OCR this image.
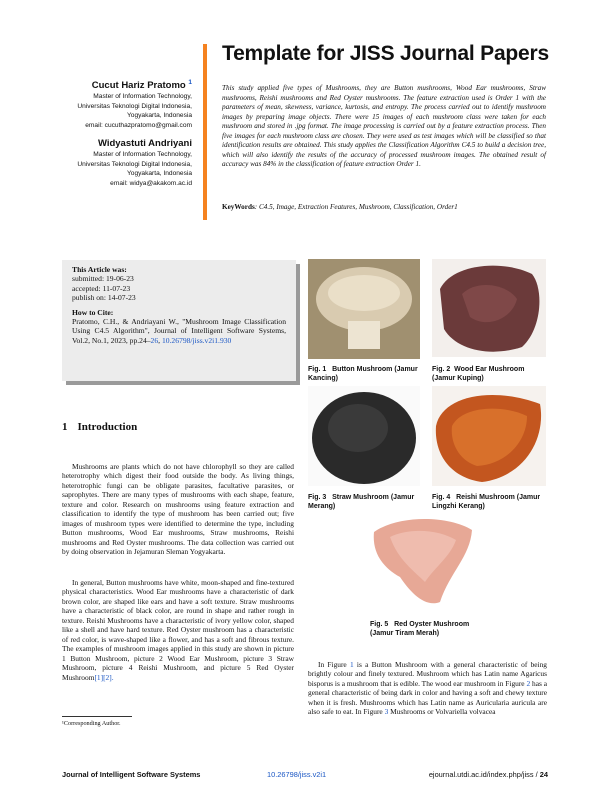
Template for JISS Journal Papers
Cucut Hariz Pratomo $^1$
Master of Information Technology,
Universitas Teknologi Digital Indonesia,
Yogyakarta, Indonesia
email: cucuthazpratomo@gmail.com
Widyastuti Andriyani
Master of Information Technology,
Universitas Teknologi Digital Indonesia,
Yogyakarta, Indonesia
email: widya@akakom.ac.id
This study applied five types of Mushrooms, they are Button mushrooms, Wood Ear mushrooms, Straw mushrooms, Reishi mushrooms and Red Oyster mushrooms. The feature extraction used is Order 1 with the parameters of mean, skewness, variance, kurtosis, and entropy. The process carried out to identify mushroom images by preparing image objects. There were 15 images of each mushroom class were taken for each mushroom and stored in .jpg format. The image processing is carried out by a feature extraction process. Then five images for each mushroom class are chosen. They were used as test images which will be classified so that identification results are obtained. This study applies the Classification Algorithm C4.5 to build a decision tree, which will also identify the results of the accuracy of processed mushroom images. The obtained result of accuracy was 84% in the classification of feature extraction Order 1.
KeyWords: C4.5, Image, Extraction Features, Mushroom, Classification, Order1
This Article was:
submitted: 19-06-23
accepted: 11-07-23
publish on: 14-07-23
How to Cite:
Pratomo, C.H., & Andriayani W., "Mushroom Image Classification Using C4.5 Algorithm", Journal of Intelligent Software Systems, Vol.2, No.1, 2023, pp.24–26, 10.26798/jiss.v2i1.930
1 Introduction
Mushrooms are plants which do not have chlorophyll so they are called heterotrophy which digest their food outside the body. As living things, heterotrophic fungi can be obligate parasites, facultative parasites, or saprophytes. There are many types of mushrooms with each shape, feature, texture and color. Research on mushrooms using feature extraction and classification to identify the type of mushroom has been carried out; five images of mushroom types were identified to determine the type, including Button mushrooms, Wood Ear mushrooms, Straw mushrooms, Reishi mushrooms and Red Oyster mushrooms. The data collection was carried out by doing observation in Jejamuran Sleman Yogyakarta.
In general, Button mushrooms have white, moon-shaped and fine-textured physical characteristics. Wood Ear mushrooms have a characteristic of dark brown color, are shaped like ears and have a soft texture. Straw mushrooms have a characteristic of black color, are round in shape and rather rough in texture. Reishi Mushrooms have a characteristic of ivory yellow color, shaped like a shell and have hard texture. Red Oyster mushroom has a characteristic of red color, is wave-shaped like a flower, and has a soft and fibrous texture. The examples of mushroom images applied in this study are shown in picture 1 Button Mushroom, picture 2 Wood Ear Mushroom, picture 3 Straw Mushroom, picture 4 Reishi Mushroom, and picture 5 Red Oyster Mushroom[1][2].
¹Corresponding Author.
Fig. 1 Button Mushroom (Jamur Kancing)
Fig. 2 Wood Ear Mushroom (Jamur Kuping)
Fig. 3 Straw Mushroom (Jamur Merang)
Fig. 4 Reishi Mushroom (Jamur Lingzhi Kerang)
Fig. 5 Red Oyster Mushroom (Jamur Tiram Merah)
In Figure 1 is a Button Mushroom with a general characteristic of being brightly colour and finely textured. Mushroom which has Latin name Agaricus bisporus is a mushroom that is edible. The wood ear mushroom in Figure 2 has a general characteristic of being dark in color and having a soft and chewy texture when it is fresh. Mushrooms which has Latin name as Auricularia auricula are also safe to eat. In Figure 3 Mushrooms or Volvariella volvacea
Journal of Intelligent Software Systems	10.26798/jiss.v2i1	ejournal.utdi.ac.id/index.php/jiss / 24
